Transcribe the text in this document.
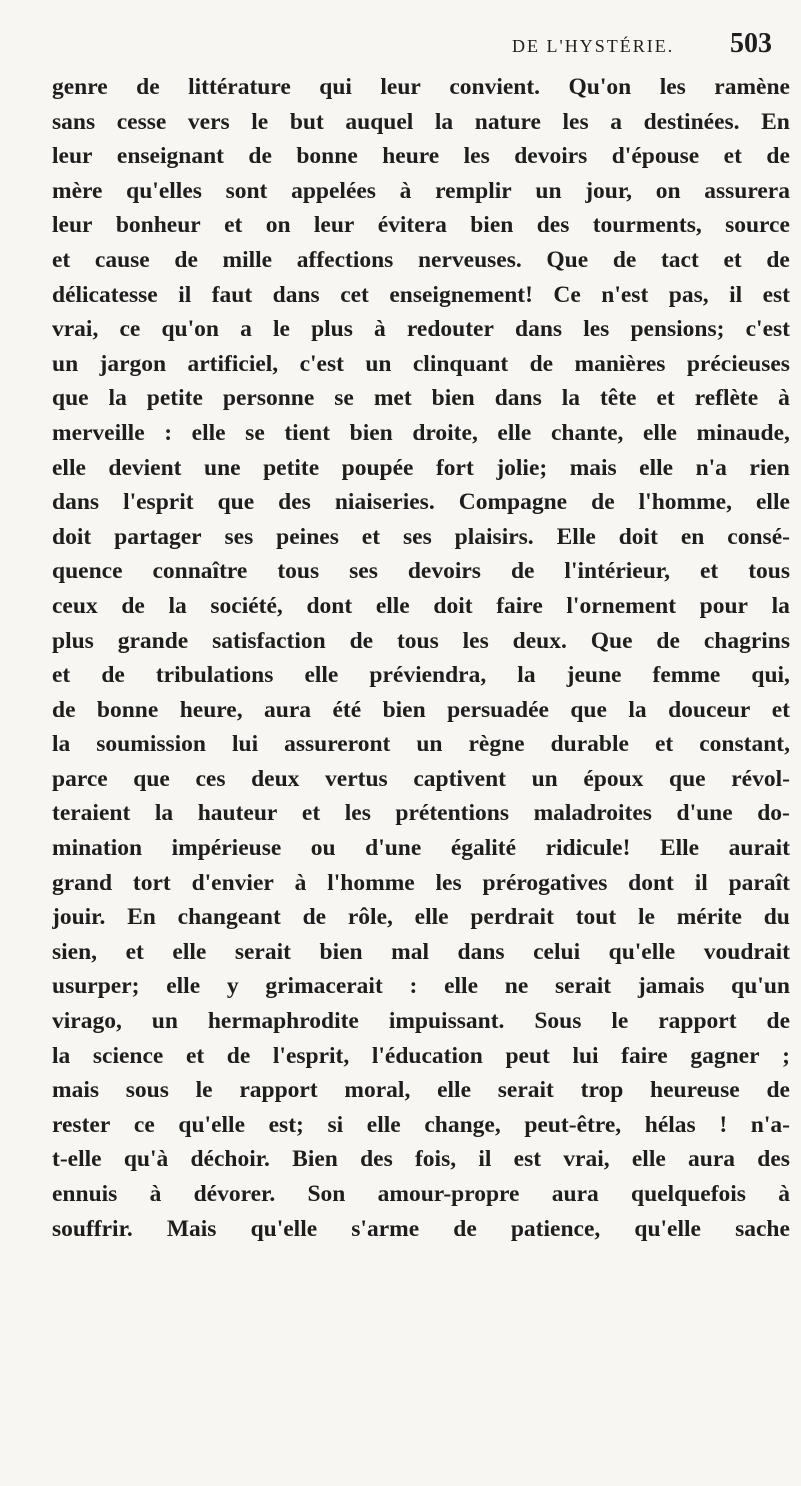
DE L'HYSTÉRIE. 503
genre de littérature qui leur convient. Qu'on les ramène
sans cesse vers le but auquel la nature les a destinées. En
leur enseignant de bonne heure les devoirs d'épouse et de
mère qu'elles sont appelées à remplir un jour, on assurera
leur bonheur et on leur évitera bien des tourments, source
et cause de mille affections nerveuses. Que de tact et de
délicatesse il faut dans cet enseignement! Ce n'est pas, il est
vrai, ce qu'on a le plus à redouter dans les pensions; c'est
un jargon artificiel, c'est un clinquant de manières précieuses
que la petite personne se met bien dans la tête et reflète à
merveille : elle se tient bien droite, elle chante, elle minaude,
elle devient une petite poupée fort jolie; mais elle n'a rien
dans l'esprit que des niaiseries. Compagne de l'homme, elle
doit partager ses peines et ses plaisirs. Elle doit en consé-
quence connaître tous ses devoirs de l'intérieur, et tous
ceux de la société, dont elle doit faire l'ornement pour la
plus grande satisfaction de tous les deux. Que de chagrins
et de tribulations elle préviendra, la jeune femme qui,
de bonne heure, aura été bien persuadée que la douceur et
la soumission lui assureront un règne durable et constant,
parce que ces deux vertus captivent un époux que révol-
teraient la hauteur et les prétentions maladroites d'une do-
mination impérieuse ou d'une égalité ridicule! Elle aurait
grand tort d'envier à l'homme les prérogatives dont il paraît
jouir. En changeant de rôle, elle perdrait tout le mérite du
sien, et elle serait bien mal dans celui qu'elle voudrait
usurper; elle y grimacerait : elle ne serait jamais qu'un
virago, un hermaphrodite impuissant. Sous le rapport de
la science et de l'esprit, l'éducation peut lui faire gagner ;
mais sous le rapport moral, elle serait trop heureuse de
rester ce qu'elle est; si elle change, peut-être, hélas ! n'a-
t-elle qu'à déchoir. Bien des fois, il est vrai, elle aura des
ennuis à dévorer. Son amour-propre aura quelquefois à
souffrir. Mais qu'elle s'arme de patience, qu'elle sache
